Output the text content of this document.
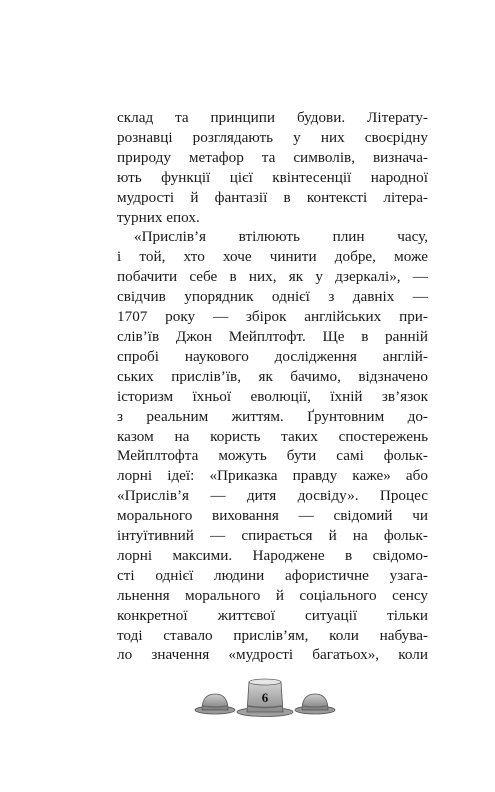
склад та принципи будови. Літерату-
рознавці розглядають у них своєрідну
природу метафор та символів, визнача-
ють функції цієї квінтесенції народної
мудрості й фантазії в контексті літера-
турних епох.
«Прислів’я втілюють плин часу,
і той, хто хоче чинити добре, може
побачити себе в них, як у дзеркалі», —
свідчив упорядник однієї з давніх —
1707 року — збірок англійських при-
слів’їв Джон Мейплтофт. Ще в ранній
спробі наукового дослідження англій-
ських прислів’їв, як бачимо, відзначено
історизм їхньої еволюції, їхній зв’язок
з реальним життям. Ґрунтовним до-
казом на користь таких спостережень
Мейплтофта можуть бути самі фольк-
лорні ідеї: «Приказка правду каже» або
«Прислів’я — дитя досвіду». Процес
морального виховання — свідомий чи
інтуїтивний — спирається й на фольк-
лорні максими. Народжене в свідомо-
сті однієї людини афористичне узага-
льнення морального й соціального сенсу
конкретної життєвої ситуації тільки
тоді ставало прислів’ям, коли набува-
ло значення «мудрості багатьох», коли
6
